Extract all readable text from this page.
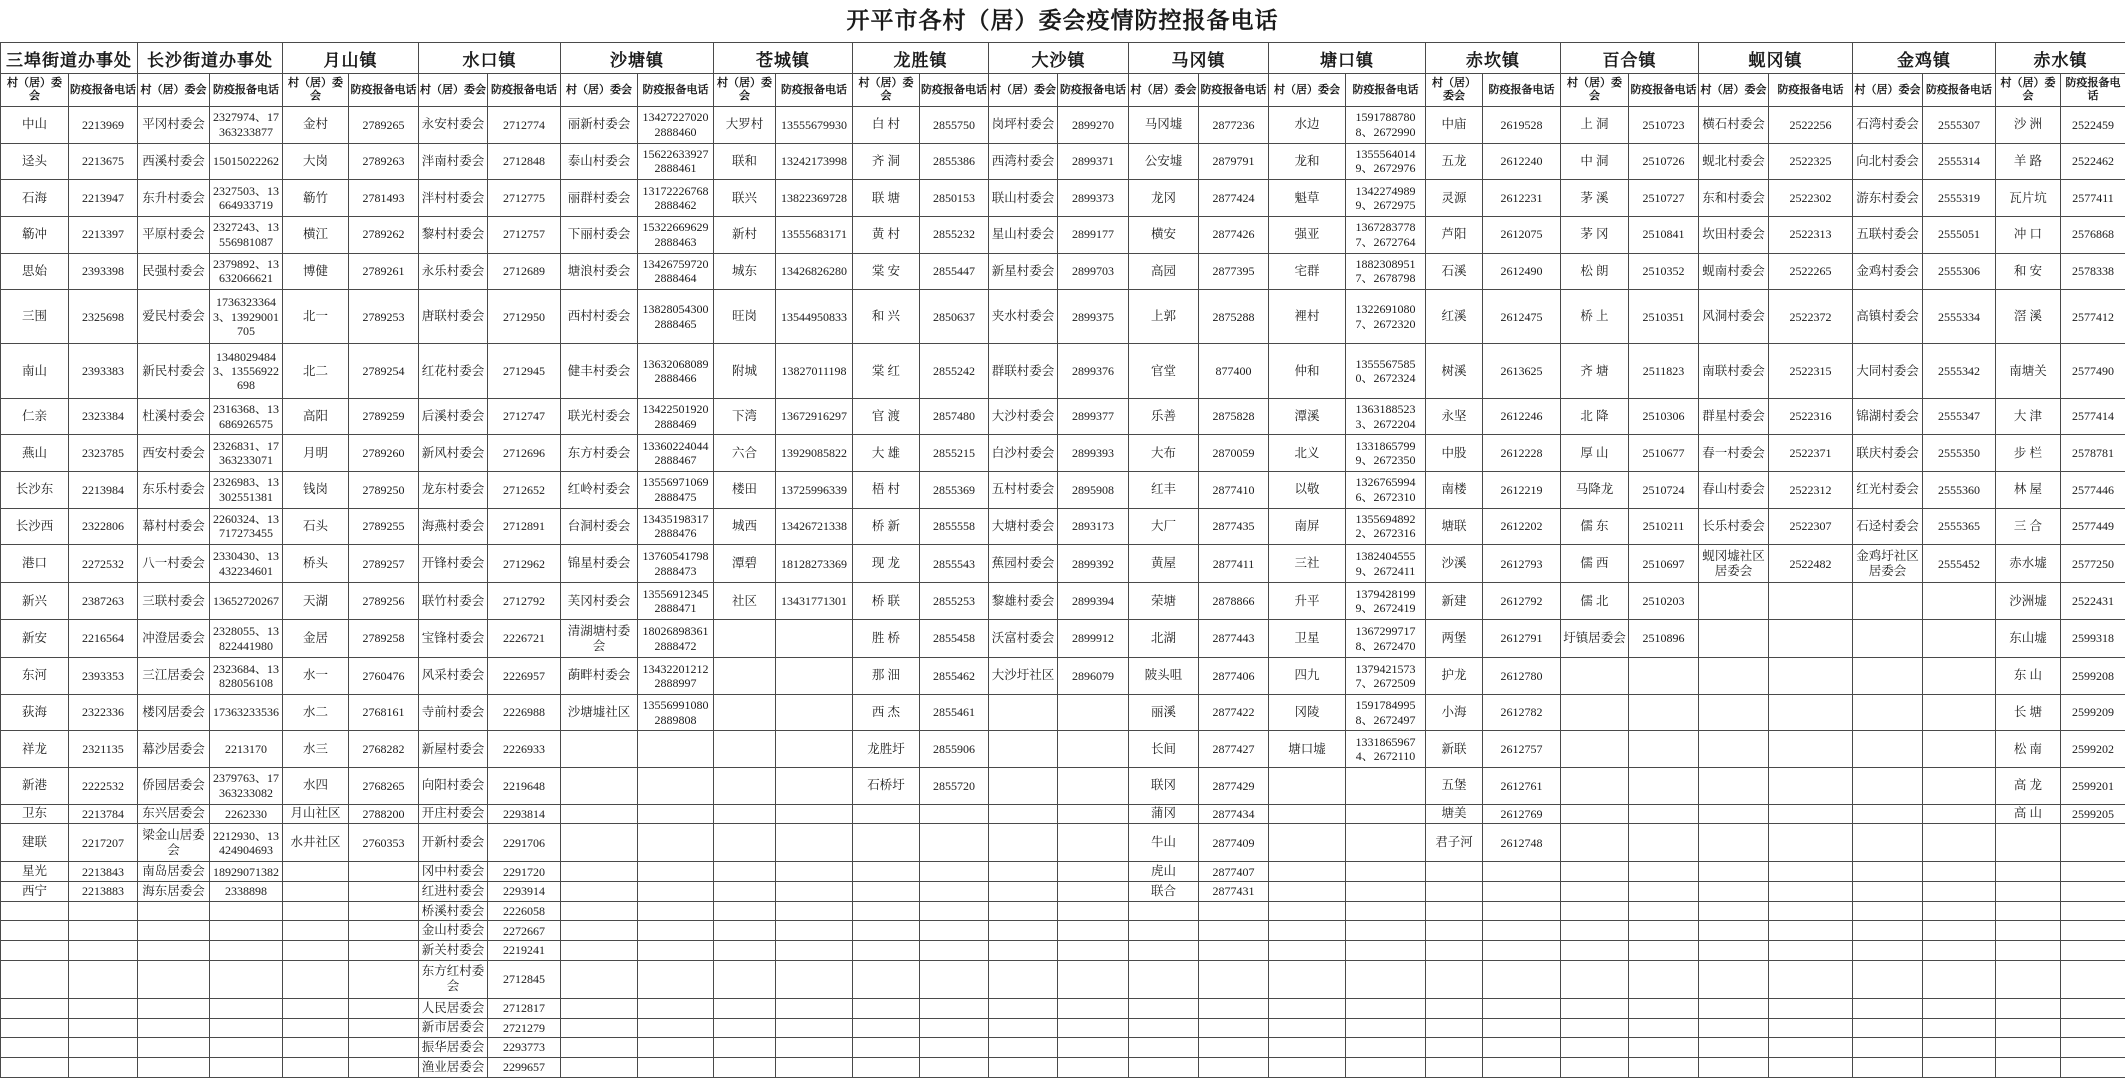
开平市各村（居）委会疫情防控报备电话
三埠街道办事处		长沙街道办事处		月山镇		水口镇		沙塘镇		苍城镇		龙胜镇		大沙镇		马冈镇		塘口镇		赤坎镇		百合镇		蚬冈镇		金鸡镇		赤水镇	
村（居）委会	防疫报备电话	村（居）委会	防疫报备电话	村（居）委会	防疫报备电话	村（居）委会	防疫报备电话	村（居）委会	防疫报备电话	村（居）委会	防疫报备电话	村（居）委会	防疫报备电话	村（居）委会	防疫报备电话	村（居）委会	防疫报备电话	村（居）委会	防疫报备电话	村（居）委会	防疫报备电话	村（居）委会	防疫报备电话	村（居）委会	防疫报备电话	村（居）委会	防疫报备电话	村（居）委会	防疫报备电话
中山	2213969	平冈村委会	2327974、17363233877	金村	2789265	永安村委会	2712774	丽新村委会	13427227020 2888460	大罗村	13555679930	白 村	2855750	岗坪村委会	2899270	马冈墟	2877236	水边	15917887808、2672990	中庙	2619528	上 洞	2510723	横石村委会	2522256	石湾村委会	2555307	沙 洲	2522459
迳头	2213675	西溪村委会	15015022262	大岗	2789263	泮南村委会	2712848	泰山村委会	15622633927 2888461	联和	13242173998	齐 洞	2855386	西湾村委会	2899371	公安墟	2879791	龙和	13555640149、2672976	五龙	2612240	中 洞	2510726	蚬北村委会	2522325	向北村委会	2555314	羊 路	2522462
石海	2213947	东升村委会	2327503、13664933719	簕竹	2781493	泮村村委会	2712775	丽群村委会	13172226768 2888462	联兴	13822369728	联 塘	2850153	联山村委会	2899373	龙冈	2877424	魁草	13422749899、2672975	灵源	2612231	茅 溪	2510727	东和村委会	2522302	游东村委会	2555319	瓦片坑	2577411
簕冲	2213397	平原村委会	2327243、13556981087	横江	2789262	黎村村委会	2712757	下丽村委会	15322669629 2888463	新村	13555683171	黄 村	2855232	星山村委会	2899177	横安	2877426	强亚	13672837787、2672764	芦阳	2612075	茅 冈	2510841	坎田村委会	2522313	五联村委会	2555051	冲 口	2576868
思始	2393398	民强村委会	2379892、13632066621	博健	2789261	永乐村委会	2712689	塘浪村委会	13426759720 2888464	城东	13426826280	棠 安	2855447	新星村委会	2899703	高园	2877395	宅群	18823089517、2678798	石溪	2612490	松 朗	2510352	蚬南村委会	2522265	金鸡村委会	2555306	和 安	2578338
三围	2325698	爱民村委会	17363233643、13929001705	北一	2789253	唐联村委会	2712950	西村村委会	13828054300 2888465	旺岗	13544950833	和 兴	2850637	夹水村委会	2899375	上郭	2875288	裡村	13226910807、2672320	红溪	2612475	桥 上	2510351	风洞村委会	2522372	高镇村委会	2555334	滘 溪	2577412
南山	2393383	新民村委会	13480294843、13556922698	北二	2789254	红花村委会	2712945	健丰村委会	13632068089 2888466	附城	13827011198	棠 红	2855242	群联村委会	2899376	官堂	877400	仲和	13555675850、2672324	树溪	2613625	齐 塘	2511823	南联村委会	2522315	大同村委会	2555342	南塘关	2577490
仁亲	2323384	杜溪村委会	2316368、13686926575	高阳	2789259	后溪村委会	2712747	联光村委会	13422501920 2888469	下湾	13672916297	官 渡	2857480	大沙村委会	2899377	乐善	2875828	潭溪	13631885233、2672204	永坚	2612246	北 降	2510306	群星村委会	2522316	锦湖村委会	2555347	大 津	2577414
燕山	2323785	西安村委会	2326831、17363233071	月明	2789260	新风村委会	2712696	东方村委会	13360224044 2888467	六合	13929085822	大 雄	2855215	白沙村委会	2899393	大布	2870059	北义	13318657999、2672350	中股	2612228	厚 山	2510677	春一村委会	2522371	联庆村委会	2555350	步 栏	2578781
长沙东	2213984	东乐村委会	2326983、13302551381	钱岗	2789250	龙东村委会	2712652	红岭村委会	13556971069 2888475	楼田	13725996339	梧 村	2855369	五村村委会	2895908	红丰	2877410	以敬	13267659946、2672310	南楼	2612219	马降龙	2510724	春山村委会	2522312	红光村委会	2555360	林 屋	2577446
长沙西	2322806	幕村村委会	2260324、13717273455	石头	2789255	海燕村委会	2712891	台洞村委会	13435198317 2888476	城西	13426721338	桥 新	2855558	大塘村委会	2893173	大厂	2877435	南屏	13556948922、2672316	塘联	2612202	儒 东	2510211	长乐村委会	2522307	石迳村委会	2555365	三 合	2577449
港口	2272532	八一村委会	2330430、13432234601	桥头	2789257	开锋村委会	2712962	锦星村委会	13760541798 2888473	潭碧	18128273369	现 龙	2855543	蕉园村委会	2899392	黄屋	2877411	三社	13824045559、2672411	沙溪	2612793	儒 西	2510697	蚬冈墟社区居委会	2522482	金鸡圩社区居委会	2555452	赤水墟	2577250
新兴	2387263	三联村委会	13652720267	天湖	2789256	联竹村委会	2712792	芙冈村委会	13556912345 2888471	社区	13431771301	桥 联	2855253	黎雄村委会	2899394	荣塘	2878866	升平	13794281999、2672419	新建	2612792	儒 北	2510203					沙洲墟	2522431
新安	2216564	冲澄居委会	2328055、13822441980	金居	2789258	宝锋村委会	2226721	清湖塘村委会	18026898361 2888472			胜 桥	2855458	沃富村委会	2899912	北湖	2877443	卫星	13672997178、2672470	两堡	2612791	圩镇居委会	2510896					东山墟	2599318
东河	2393353	三江居委会	2323684、13828056108	水一	2760476	风采村委会	2226957	蓢畔村委会	13432201212 2888997			那 沺	2855462	大沙圩社区	2896079	陂头咀	2877406	四九	13794215737、2672509	护龙	2612780							东 山	2599208
荻海	2322336	楼冈居委会	17363233536	水二	2768161	寺前村委会	2226988	沙塘墟社区	13556991080 2889808			西 杰	2855461			丽溪	2877422	冈陵	15917849958、2672497	小海	2612782							长 塘	2599209
祥龙	2321135	幕沙居委会	2213170	水三	2768282	新屋村委会	2226933					龙胜圩	2855906			长间	2877427	塘口墟	13318659674、2672110	新联	2612757							松 南	2599202
新港	2222532	侨园居委会	2379763、17363233082	水四	2768265	向阳村委会	2219648					石桥圩	2855720			联冈	2877429			五堡	2612761							高 龙	2599201
卫东	2213784	东兴居委会	2262330	月山社区	2788200	开庄村委会	2293814									蒲冈	2877434			塘美	2612769							高 山	2599205
建联	2217207	梁金山居委会	2212930、13424904693	水井社区	2760353	开新村委会	2291706									牛山	2877409			君子河	2612748								
星光	2213843	南岛居委会	18929071382			冈中村委会	2291720									虎山	2877407												
西宁	2213883	海东居委会	2338898			红进村委会	2293914									联合	2877431												
						桥溪村委会	2226058																						
						金山村委会	2272667																						
						新关村委会	2219241																						
						东方红村委会	2712845																						
						人民居委会	2712817																						
						新市居委会	2721279																						
						振华居委会	2293773																						
						渔业居委会	2299657																						
